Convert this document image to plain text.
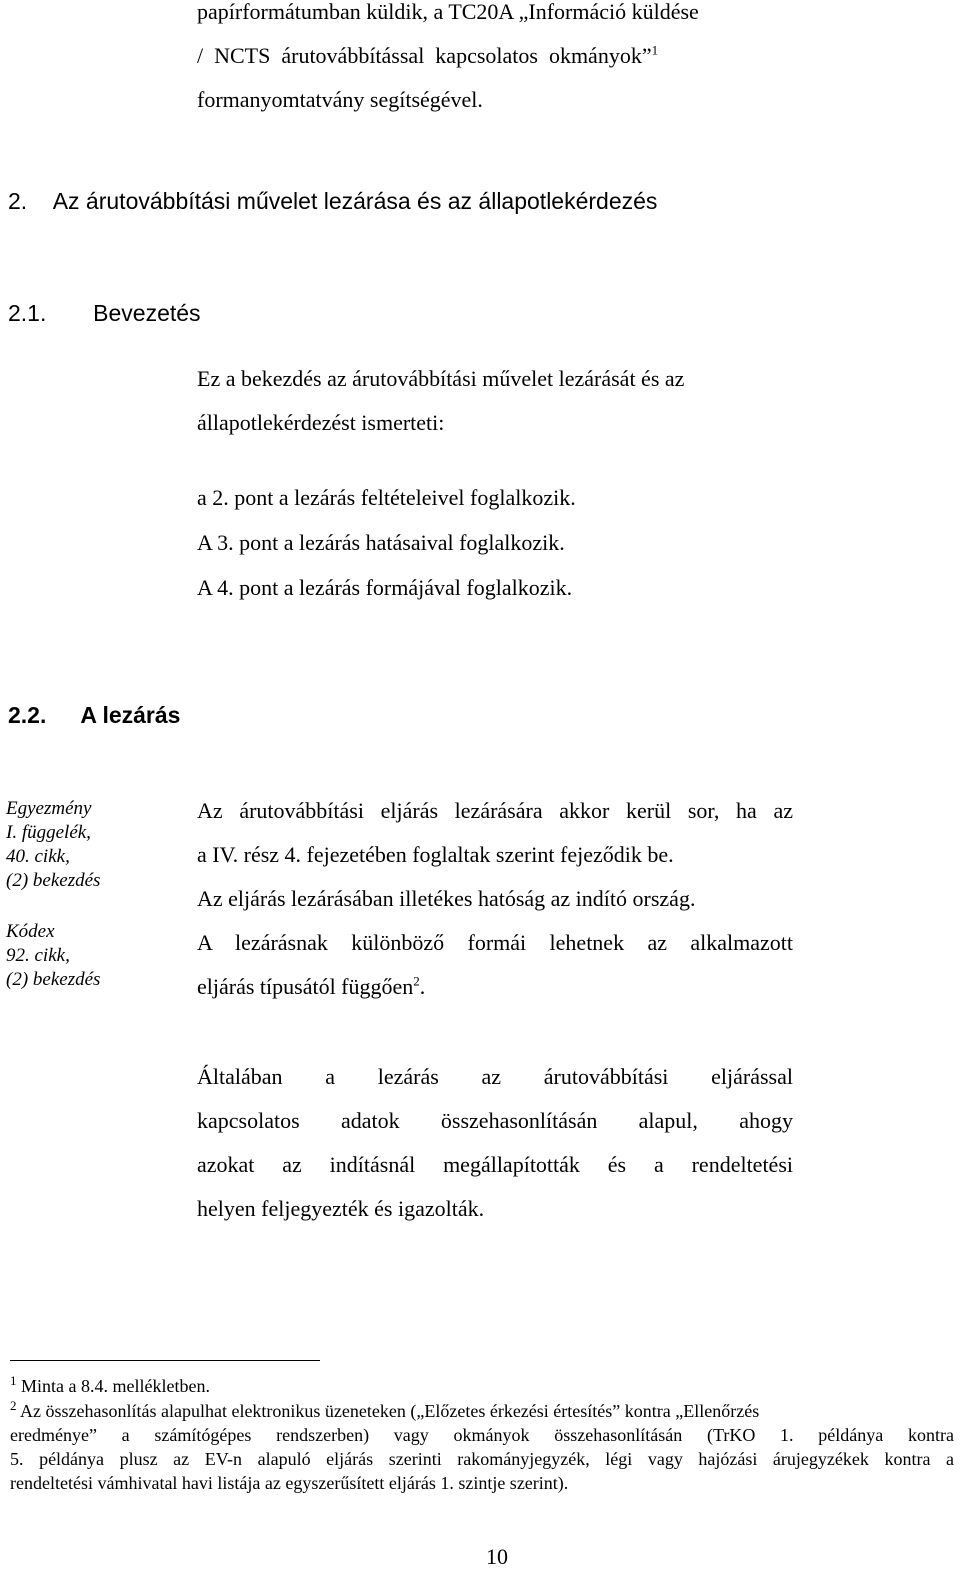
papírformátumban küldik, a TC20A „Információ küldése
/  NCTS  árutovábbítással  kapcsolatos  okmányok”$^1$
formanyomtatvány segítségével.
2. Az árutovábbítási művelet lezárása és az állapotlekérdezés
2.1. Bevezetés
Ez a bekezdés az árutovábbítási művelet lezárását és az
állapotlekérdezést ismerteti:
a 2. pont a lezárás feltételeivel foglalkozik.
A 3. pont a lezárás hatásaival foglalkozik.
A 4. pont a lezárás formájával foglalkozik.
2.2. A lezárás
Egyezmény
I. függelék,
40. cikk,
(2) bekezdés
Kódex
92. cikk,
(2) bekezdés
Az árutovábbítási eljárás lezárására akkor kerül sor, ha az
a IV. rész 4. fejezetében foglaltak szerint fejeződik be.
Az eljárás lezárásában illetékes hatóság az indító ország.
A lezárásnak különböző formái lehetnek az alkalmazott
eljárás típusától függően$^2$.
Általában a lezárás az árutovábbítási eljárással
kapcsolatos adatok összehasonlításán alapul, ahogy
azokat az indításnál megállapították és a rendeltetési
helyen feljegyezték és igazolták.
$^1$ Minta a 8.4. mellékletben.
$^2$ Az összehasonlítás alapulhat elektronikus üzeneteken („Előzetes érkezési értesítés” kontra „Ellenőrzés
eredménye” a számítógépes rendszerben) vagy okmányok összehasonlításán (TrKO 1. példánya kontra
5. példánya plusz az EV-n alapuló eljárás szerinti rakományjegyzék, légi vagy hajózási árujegyzékek kontra a
rendeltetési vámhivatal havi listája az egyszerűsített eljárás 1. szintje szerint).
10
